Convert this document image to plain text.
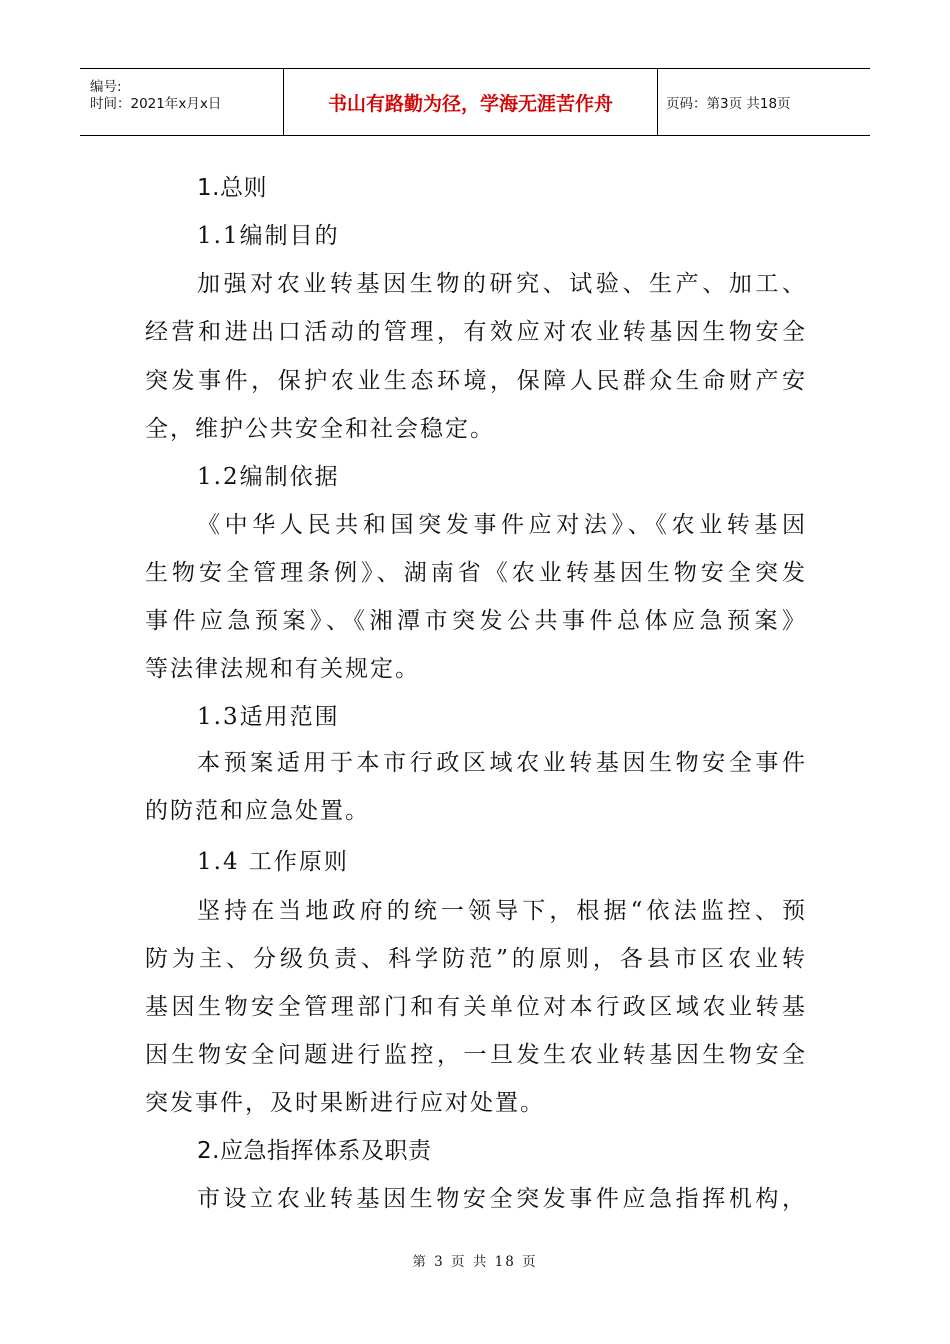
编号:
时间：2021年x月x日	书山有路勤为径，学海无涯苦作舟	页码：第3页 共18页
1.总则
1.1编制目的
加强对农业转基因生物的研究、试验、生产、加工、
经营和进出口活动的管理，有效应对农业转基因生物安全
突发事件，保护农业生态环境，保障人民群众生命财产安
全，维护公共安全和社会稳定。
1.2编制依据
《中华人民共和国突发事件应对法》、《农业转基因
生物安全管理条例》、湖南省《农业转基因生物安全突发
事件应急预案》、《湘潭市突发公共事件总体应急预案》
等法律法规和有关规定。
1.3适用范围
本预案适用于本市行政区域农业转基因生物安全事件
的防范和应急处置。
1.4 工作原则
坚持在当地政府的统一领导下，根据“依法监控、预
防为主、分级负责、科学防范”的原则，各县市区农业转
基因生物安全管理部门和有关单位对本行政区域农业转基
因生物安全问题进行监控，一旦发生农业转基因生物安全
突发事件，及时果断进行应对处置。
2.应急指挥体系及职责
市设立农业转基因生物安全突发事件应急指挥机构，
第 3 页 共 18 页
